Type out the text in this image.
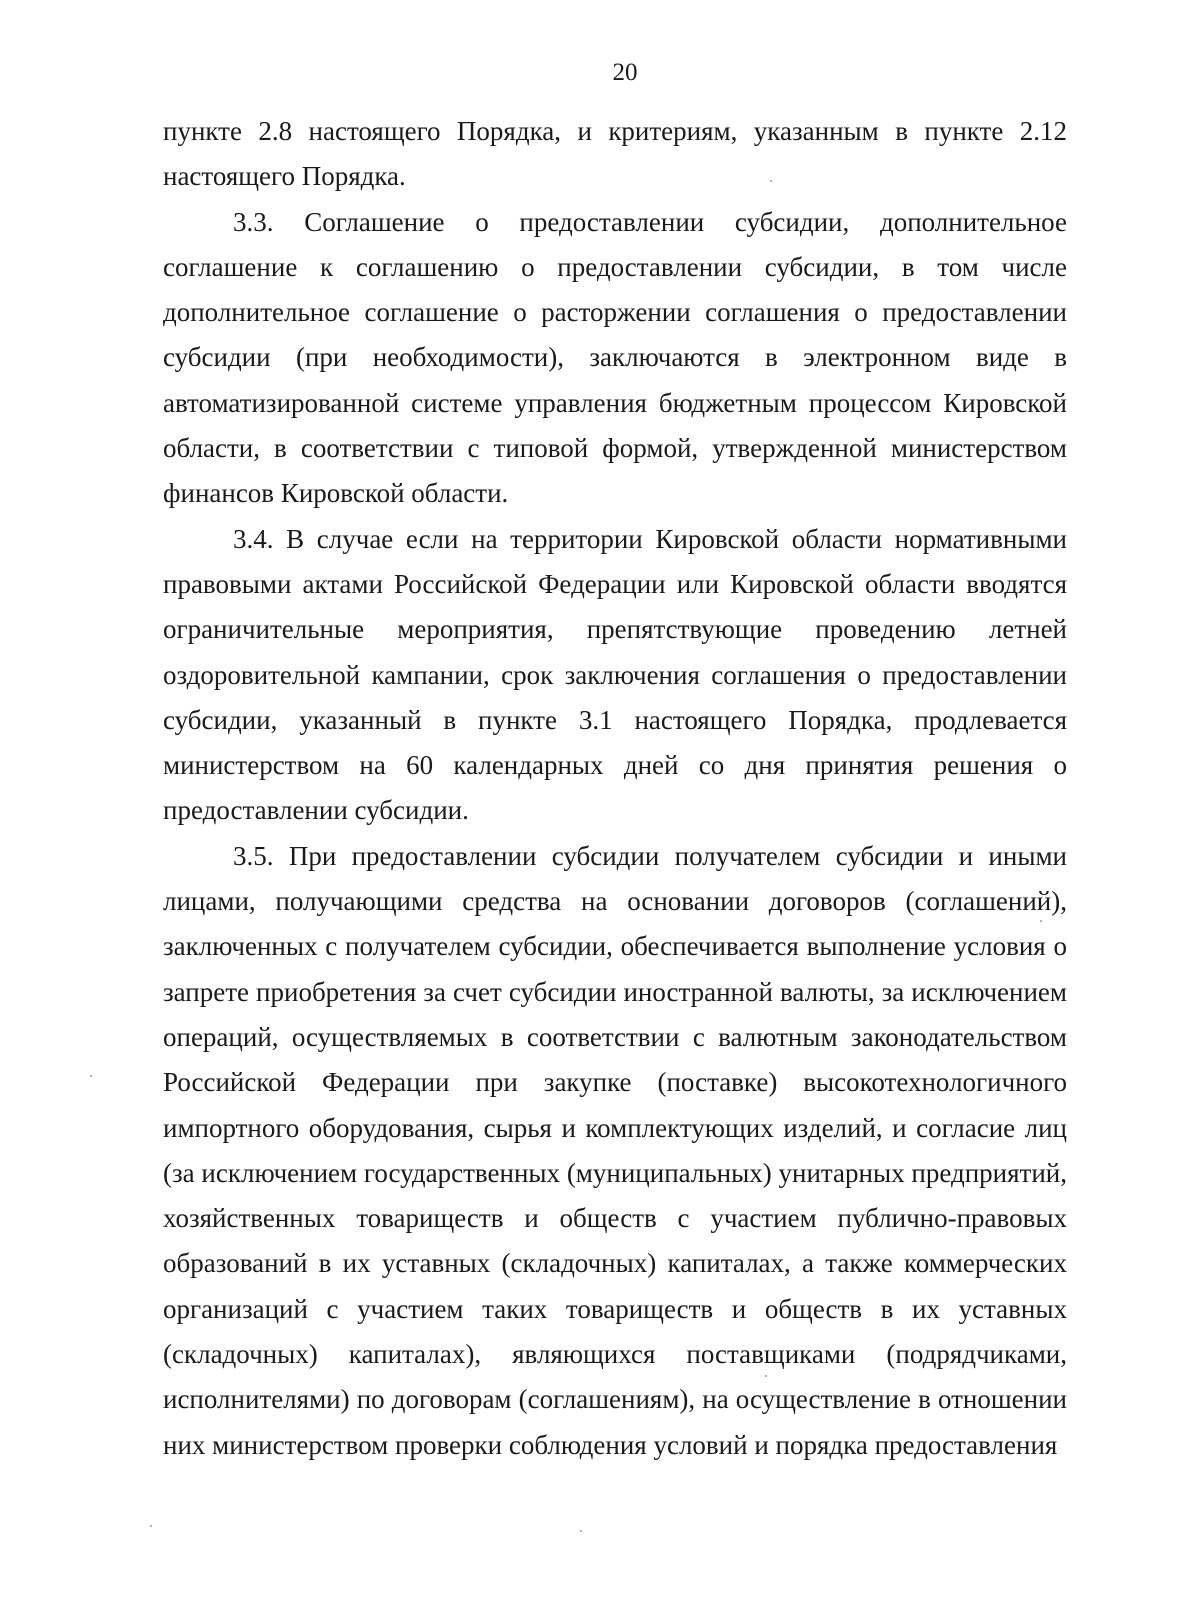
20

пункте 2.8 настоящего Порядка, и критериям, указанным в пункте 2.12 настоящего Порядка.

3.3. Соглашение о предоставлении субсидии, дополнительное соглашение к соглашению о предоставлении субсидии, в том числе дополнительное соглашение о расторжении соглашения о предоставлении субсидии (при необходимости), заключаются в электронном виде в автоматизированной системе управления бюджетным процессом Кировской области, в соответствии с типовой формой, утвержденной министерством финансов Кировской области.

3.4. В случае если на территории Кировской области нормативными правовыми актами Российской Федерации или Кировской области вводятся ограничительные мероприятия, препятствующие проведению летней оздоровительной кампании, срок заключения соглашения о предоставлении субсидии, указанный в пункте 3.1 настоящего Порядка, продлевается министерством на 60 календарных дней со дня принятия решения о предоставлении субсидии.

3.5. При предоставлении субсидии получателем субсидии и иными лицами, получающими средства на основании договоров (соглашений), заключенных с получателем субсидии, обеспечивается выполнение условия о запрете приобретения за счет субсидии иностранной валюты, за исключением операций, осуществляемых в соответствии с валютным законодательством Российской Федерации при закупке (поставке) высокотехнологичного импортного оборудования, сырья и комплектующих изделий, и согласие лиц (за исключением государственных (муниципальных) унитарных предприятий, хозяйственных товариществ и обществ с участием публично-правовых образований в их уставных (складочных) капиталах, а также коммерческих организаций с участием таких товариществ и обществ в их уставных (складочных) капиталах), являющихся поставщиками (подрядчиками, исполнителями) по договорам (соглашениям), на осуществление в отношении них министерством проверки соблюдения условий и порядка предоставления
